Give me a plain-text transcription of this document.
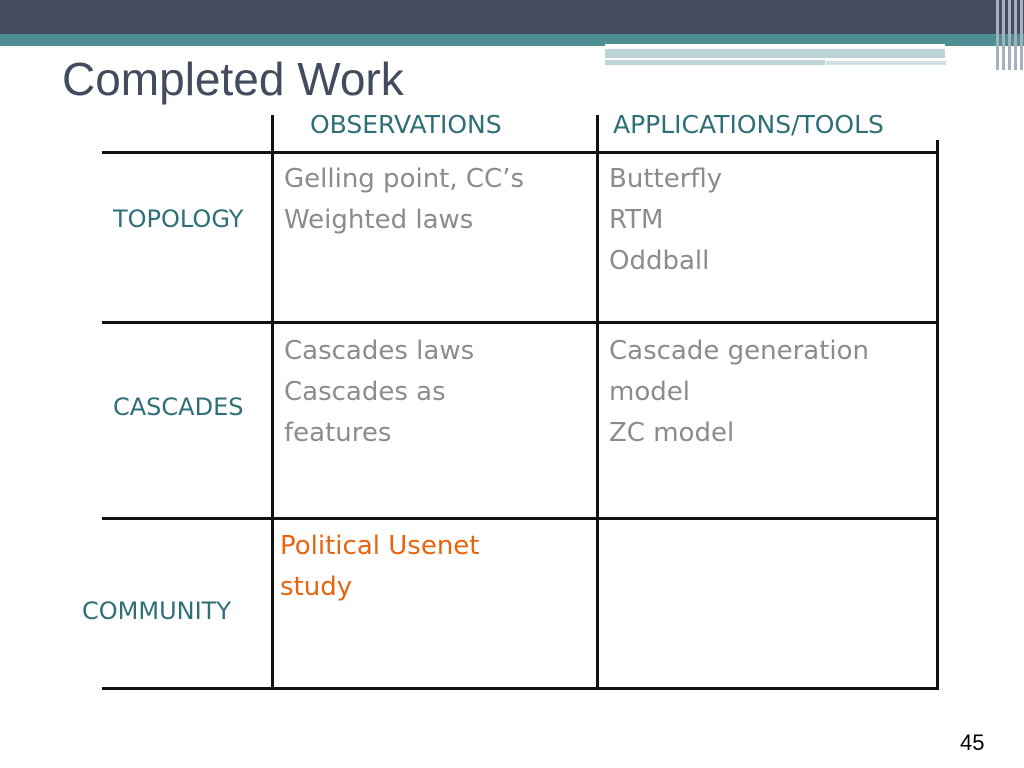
Completed Work
OBSERVATIONS	APPLICATIONS/TOOLS
TOPOLOGY
CASCADES
COMMUNITY
Gelling point, CC’s
Weighted laws
Butterfly
RTM
Oddball
Cascades laws
Cascades as
features
Cascade generation
model
ZC model
Political Usenet
study
45
